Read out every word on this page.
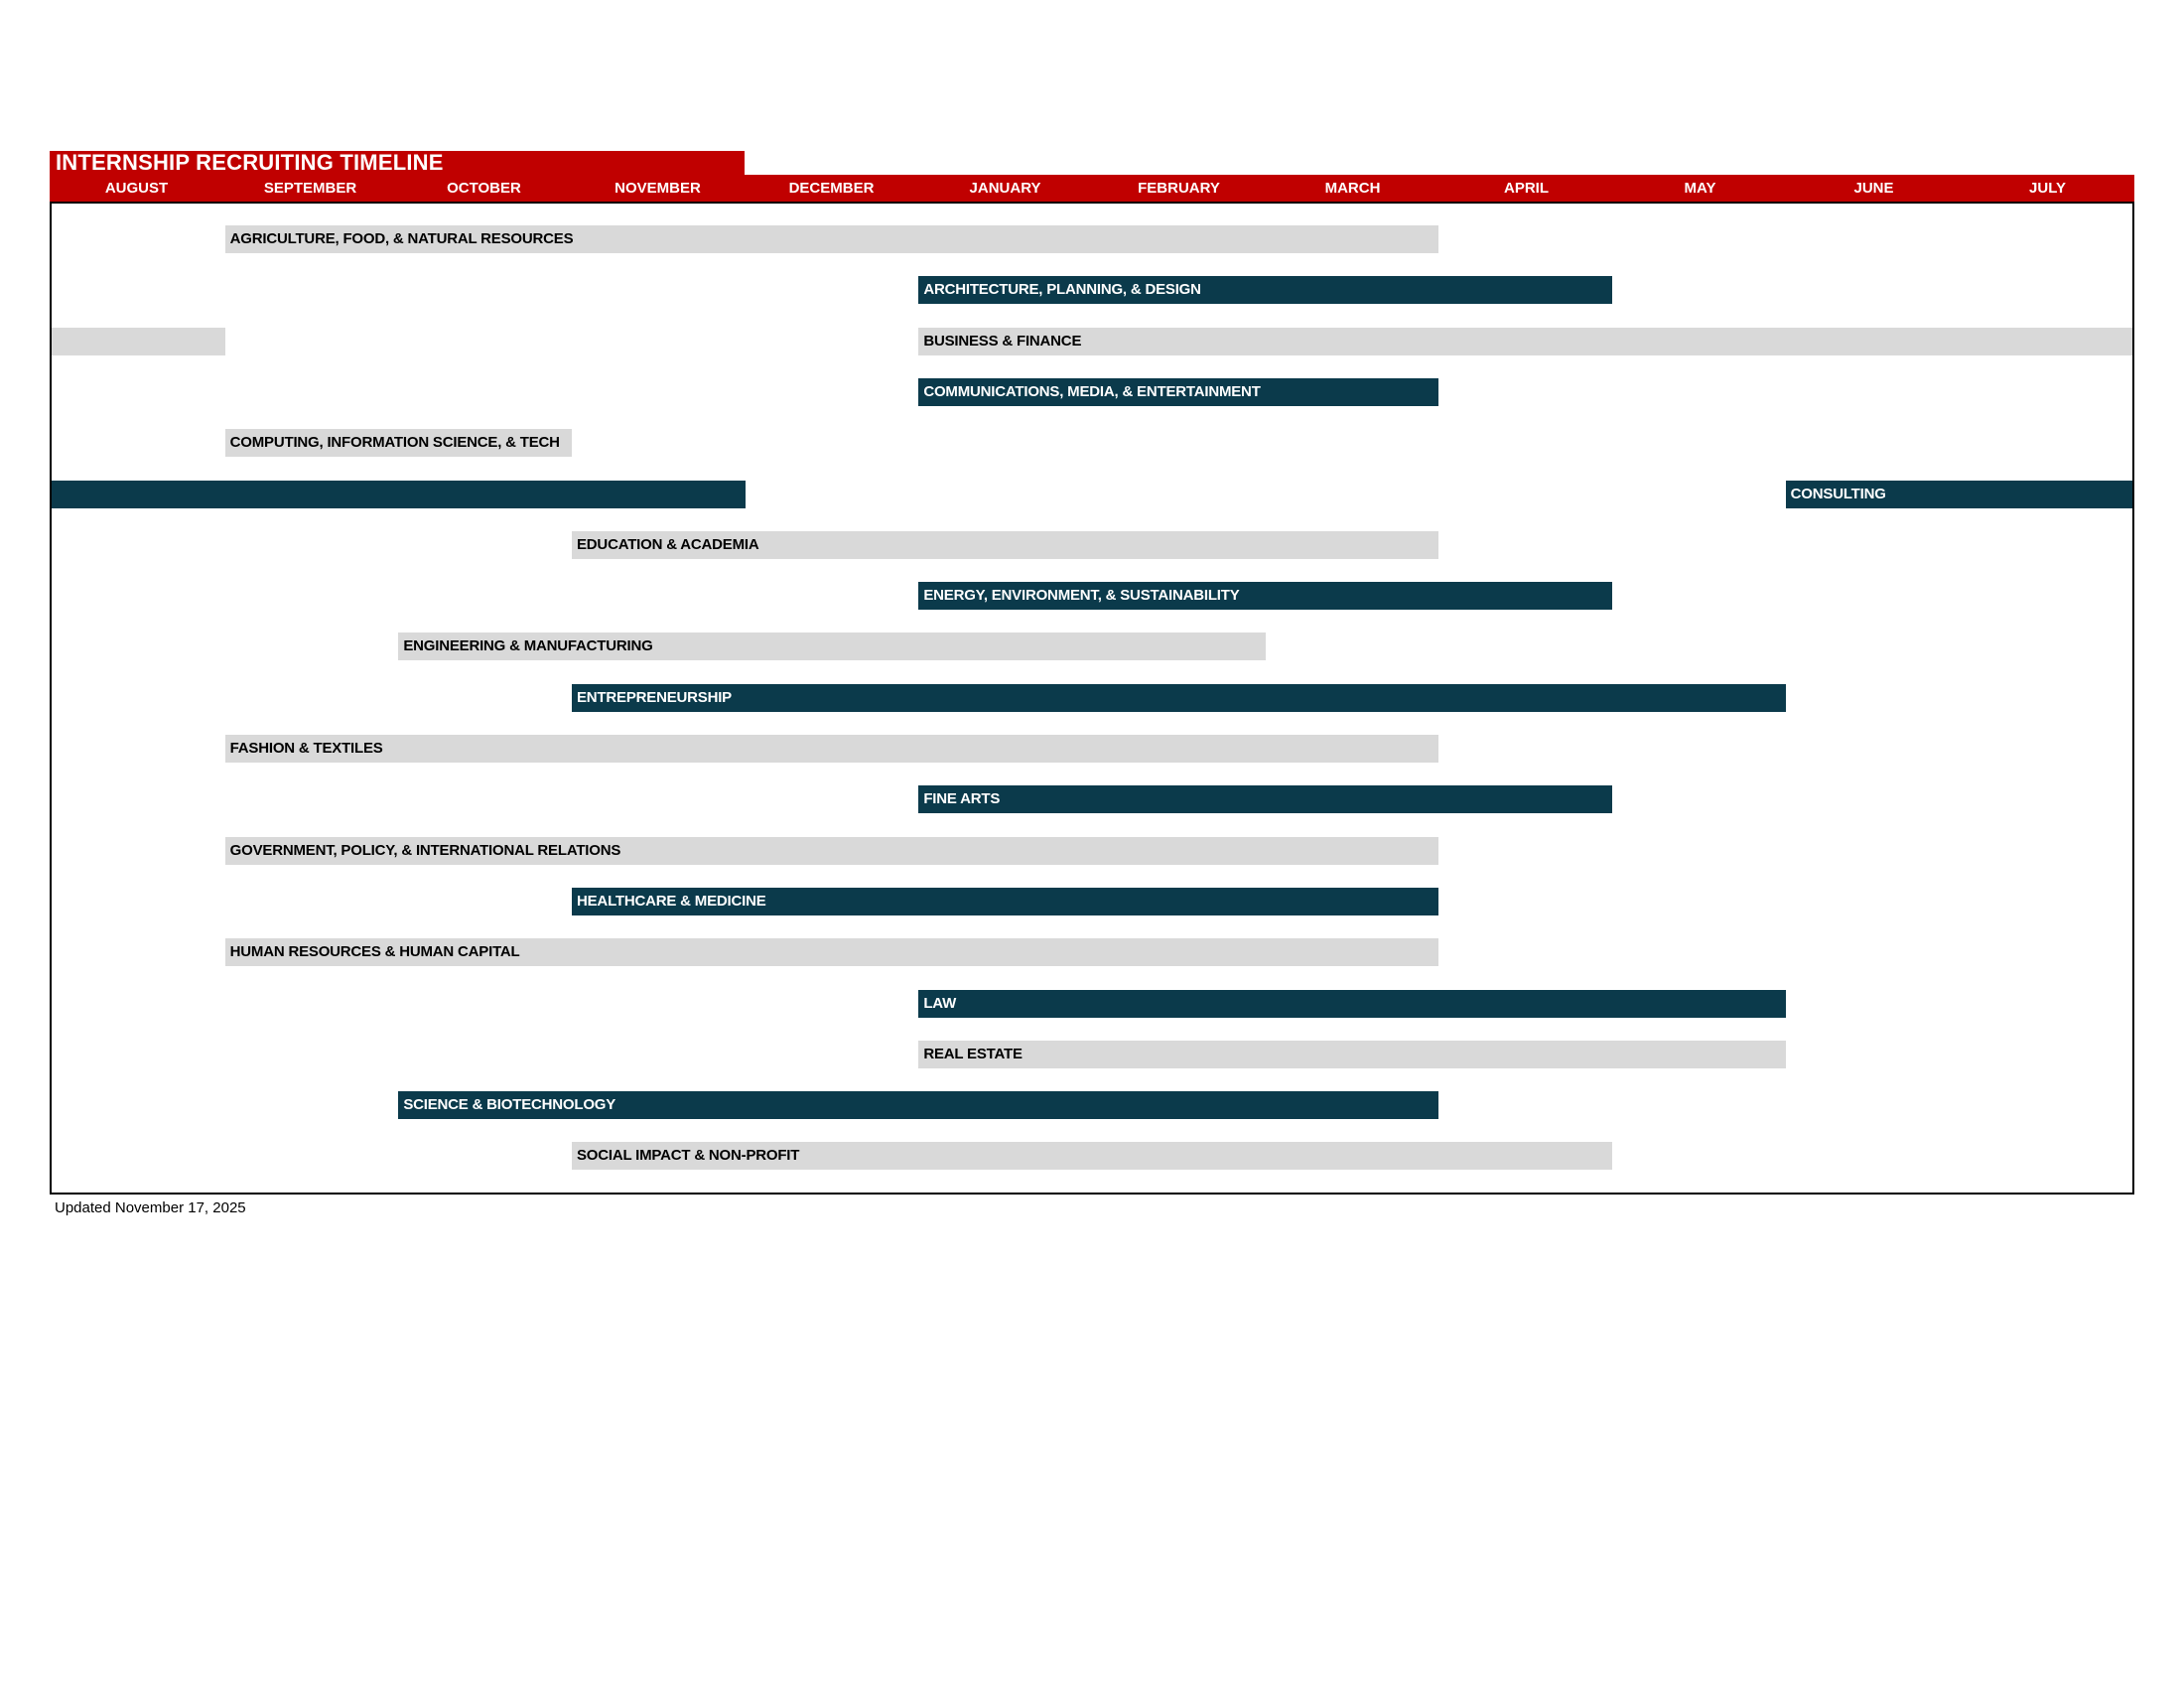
INTERNSHIP RECRUITING TIMELINE
AUGUST	SEPTEMBER	OCTOBER	NOVEMBER	DECEMBER	JANUARY	FEBRUARY	MARCH	APRIL	MAY	JUNE	JULY
AGRICULTURE, FOOD, & NATURAL RESOURCES
ARCHITECTURE, PLANNING, & DESIGN
BUSINESS & FINANCE
COMMUNICATIONS, MEDIA, & ENTERTAINMENT
COMPUTING, INFORMATION SCIENCE, & TECH
CONSULTING
EDUCATION & ACADEMIA
ENERGY, ENVIRONMENT, & SUSTAINABILITY
ENGINEERING & MANUFACTURING
ENTREPRENEURSHIP
FASHION & TEXTILES
FINE ARTS
GOVERNMENT, POLICY, & INTERNATIONAL RELATIONS
HEALTHCARE & MEDICINE
HUMAN RESOURCES & HUMAN CAPITAL
LAW
REAL ESTATE
SCIENCE & BIOTECHNOLOGY
SOCIAL IMPACT & NON-PROFIT
Updated November 17, 2025
